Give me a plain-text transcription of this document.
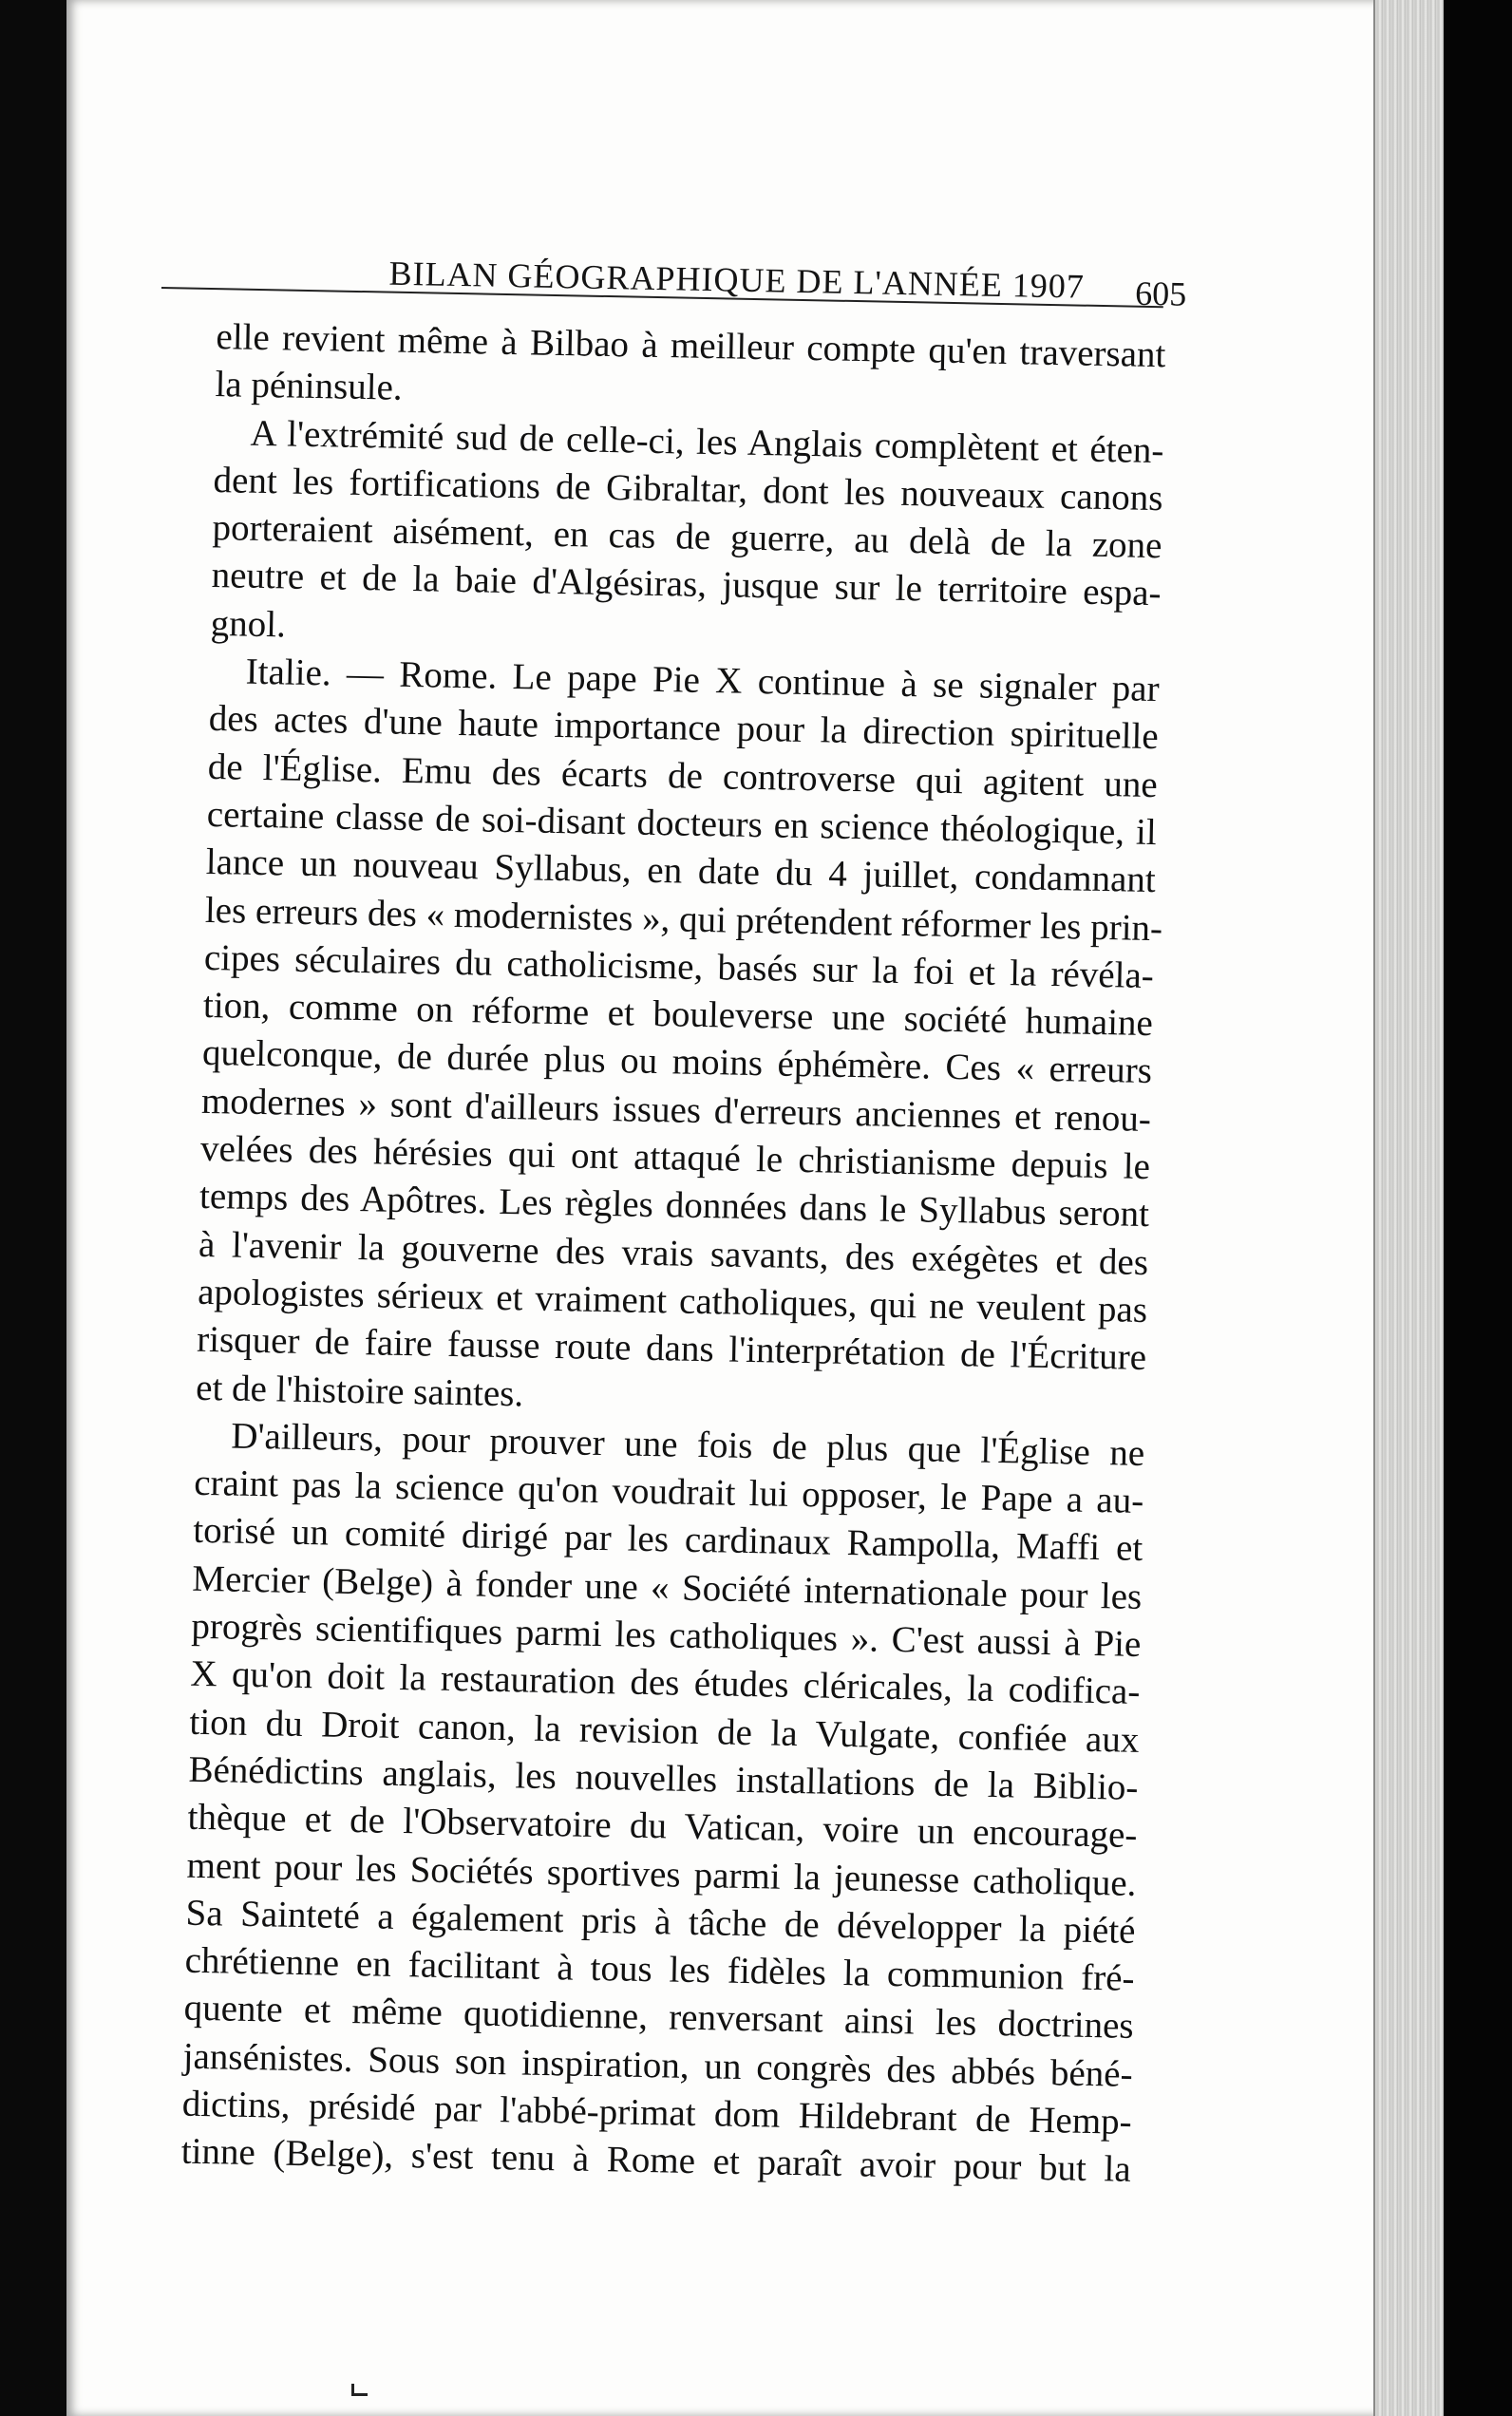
BILAN GÉOGRAPHIQUE DE L'ANNÉE 1907 605
elle revient même à Bilbao à meilleur compte qu'en traversant
la péninsule.
A l'extrémité sud de celle-ci, les Anglais complètent et éten-
dent les fortifications de Gibraltar, dont les nouveaux canons
porteraient aisément, en cas de guerre, au delà de la zone
neutre et de la baie d'Algésiras, jusque sur le territoire espa-
gnol.
Italie. — Rome. Le pape Pie X continue à se signaler par
des actes d'une haute importance pour la direction spirituelle
de l'Église. Emu des écarts de controverse qui agitent une
certaine classe de soi-disant docteurs en science théologique, il
lance un nouveau Syllabus, en date du 4 juillet, condamnant
les erreurs des « modernistes », qui prétendent réformer les prin-
cipes séculaires du catholicisme, basés sur la foi et la révéla-
tion, comme on réforme et bouleverse une société humaine
quelconque, de durée plus ou moins éphémère. Ces « erreurs
modernes » sont d'ailleurs issues d'erreurs anciennes et renou-
velées des hérésies qui ont attaqué le christianisme depuis le
temps des Apôtres. Les règles données dans le Syllabus seront
à l'avenir la gouverne des vrais savants, des exégètes et des
apologistes sérieux et vraiment catholiques, qui ne veulent pas
risquer de faire fausse route dans l'interprétation de l'Écriture
et de l'histoire saintes.
D'ailleurs, pour prouver une fois de plus que l'Église ne
craint pas la science qu'on voudrait lui opposer, le Pape a au-
torisé un comité dirigé par les cardinaux Rampolla, Maffi et
Mercier (Belge) à fonder une « Société internationale pour les
progrès scientifiques parmi les catholiques ». C'est aussi à Pie
X qu'on doit la restauration des études cléricales, la codifica-
tion du Droit canon, la revision de la Vulgate, confiée aux
Bénédictins anglais, les nouvelles installations de la Biblio-
thèque et de l'Observatoire du Vatican, voire un encourage-
ment pour les Sociétés sportives parmi la jeunesse catholique.
Sa Sainteté a également pris à tâche de développer la piété
chrétienne en facilitant à tous les fidèles la communion fré-
quente et même quotidienne, renversant ainsi les doctrines
jansénistes. Sous son inspiration, un congrès des abbés béné-
dictins, présidé par l'abbé-primat dom Hildebrant de Hemp-
tinne (Belge), s'est tenu à Rome et paraît avoir pour but la
